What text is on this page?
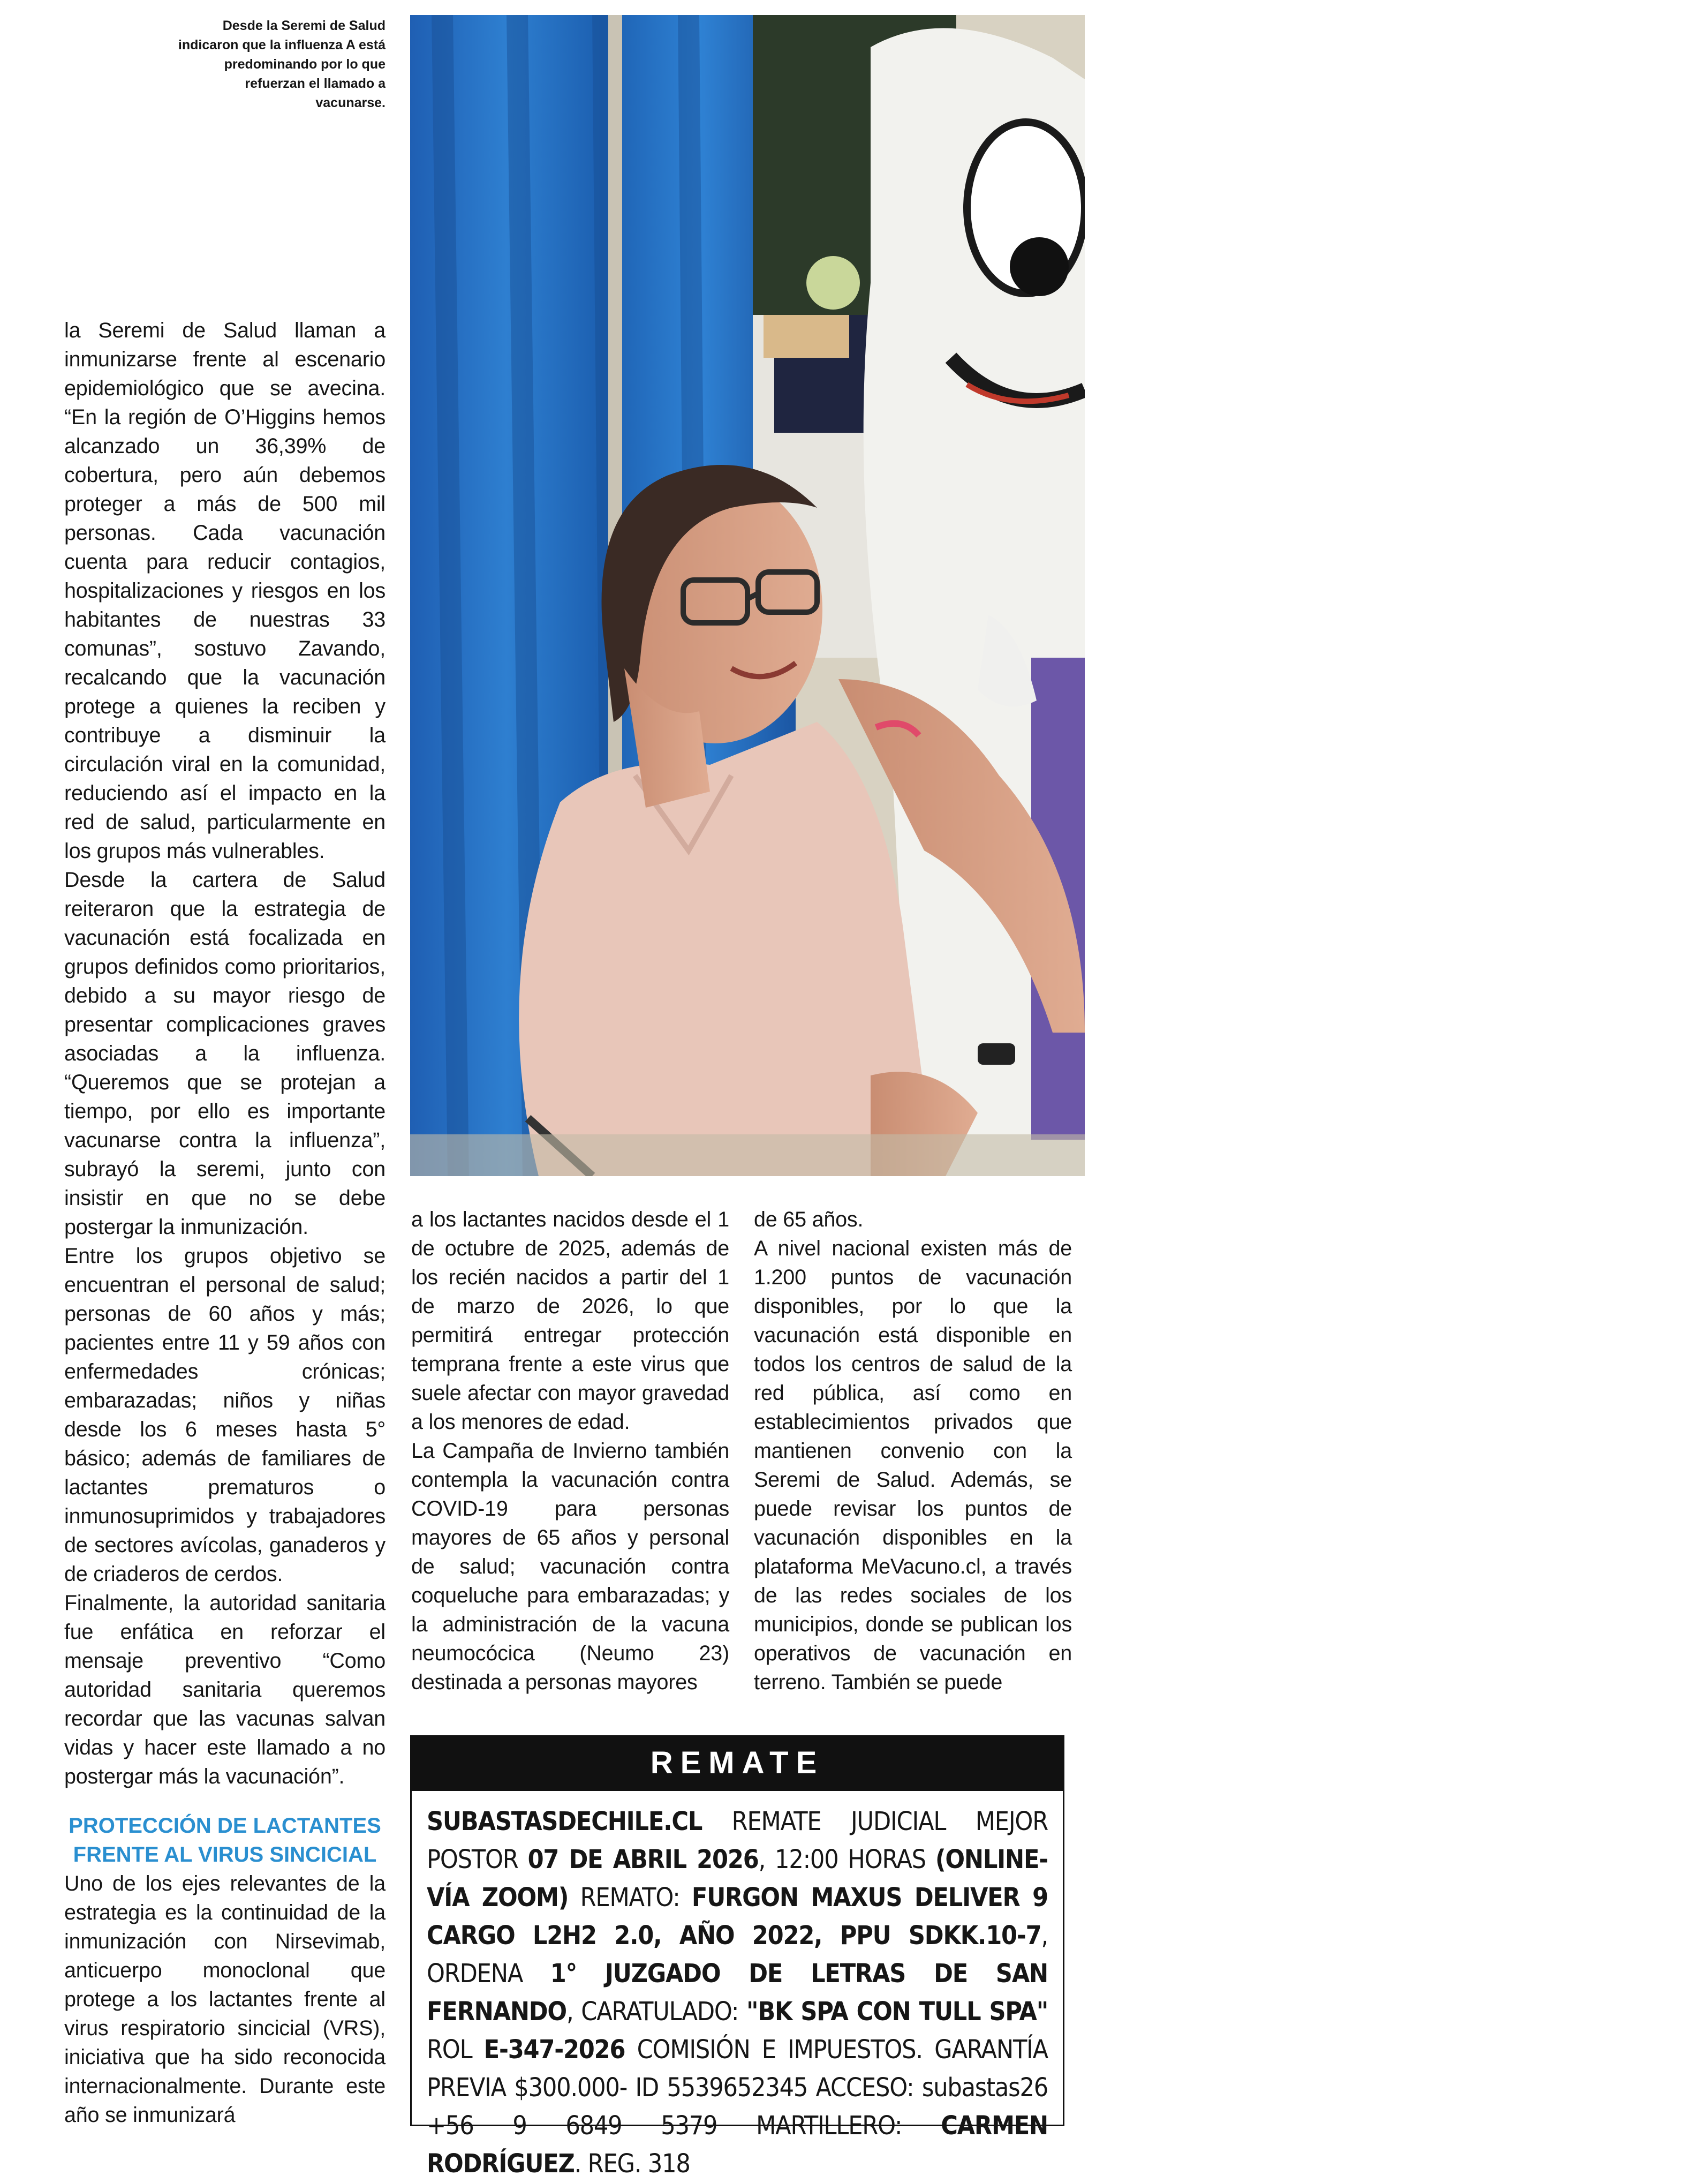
Desde la Seremi de Salud indicaron que la influenza A está predominando por lo que refuerzan el llamado a vacunarse.

la Seremi de Salud llaman a inmunizarse frente al escenario epidemiológico que se avecina. “En la región de O’Higgins hemos alcanzado un 36,39% de cobertura, pero aún debemos proteger a más de 500 mil personas. Cada vacunación cuenta para reducir contagios, hospitalizaciones y riesgos en los habitantes de nuestras 33 comunas”, sostuvo Zavando, recalcando que la vacunación protege a quienes la reciben y contribuye a disminuir la circulación viral en la comunidad, reduciendo así el impacto en la red de salud, particularmente en los grupos más vulnerables.

Desde la cartera de Salud reiteraron que la estrategia de vacunación está focalizada en grupos definidos como prioritarios, debido a su mayor riesgo de presentar complicaciones graves asociadas a la influenza. “Queremos que se protejan a tiempo, por ello es importante vacunarse contra la influenza”, subrayó la seremi, junto con insistir en que no se debe postergar la inmunización.

Entre los grupos objetivo se encuentran el personal de salud; personas de 60 años y más; pacientes entre 11 y 59 años con enfermedades crónicas; embarazadas; niños y niñas desde los 6 meses hasta 5° básico; además de familiares de lactantes prematuros o inmunosuprimidos y trabajadores de sectores avícolas, ganaderos y de criaderos de cerdos.

Finalmente, la autoridad sanitaria fue enfática en reforzar el mensaje preventivo “Como autoridad sanitaria queremos recordar que las vacunas salvan vidas y hacer este llamado a no postergar más la vacunación”.

PROTECCIÓN DE LACTANTES FRENTE AL VIRUS SINCICIAL

Uno de los ejes relevantes de la estrategia es la continuidad de la inmunización con Nirsevimab, anticuerpo monoclonal que protege a los lactantes frente al virus respiratorio sincicial (VRS), iniciativa que ha sido reconocida internacionalmente. Durante este año se inmunizará

a los lactantes nacidos desde el 1 de octubre de 2025, además de los recién nacidos a partir del 1 de marzo de 2026, lo que permitirá entregar protección temprana frente a este virus que suele afectar con mayor gravedad a los menores de edad.

La Campaña de Invierno también contempla la vacunación contra COVID-19 para personas mayores de 65 años y personal de salud; vacunación contra coqueluche para embarazadas; y la administración de la vacuna neumocócica (Neumo 23) destinada a personas mayores

de 65 años.

A nivel nacional existen más de 1.200 puntos de vacunación disponibles, por lo que la vacunación está disponible en todos los centros de salud de la red pública, así como en establecimientos privados que mantienen convenio con la Seremi de Salud. Además, se puede revisar los puntos de vacunación disponibles en la plataforma MeVacuno.cl, a través de las redes sociales de los municipios, donde se publican los operativos de vacunación en terreno. También se puede

REMATE
SUBASTASDECHILE.CL REMATE JUDICIAL MEJOR POSTOR 07 DE ABRIL 2026, 12:00 HORAS (ONLINE-VÍA ZOOM) REMATO: FURGON MAXUS DELIVER 9 CARGO L2H2 2.0, AÑO 2022, PPU SDKK.10-7, ORDENA 1° JUZGADO DE LETRAS DE SAN FERNANDO, CARATULADO: "BK SPA CON TULL SPA" ROL E-347-2026 COMISIÓN E IMPUESTOS. GARANTÍA PREVIA $300.000- ID 5539652345 ACCESO: subastas26 +56 9 6849 5379 MARTILLERO: CARMEN RODRÍGUEZ. REG. 318
